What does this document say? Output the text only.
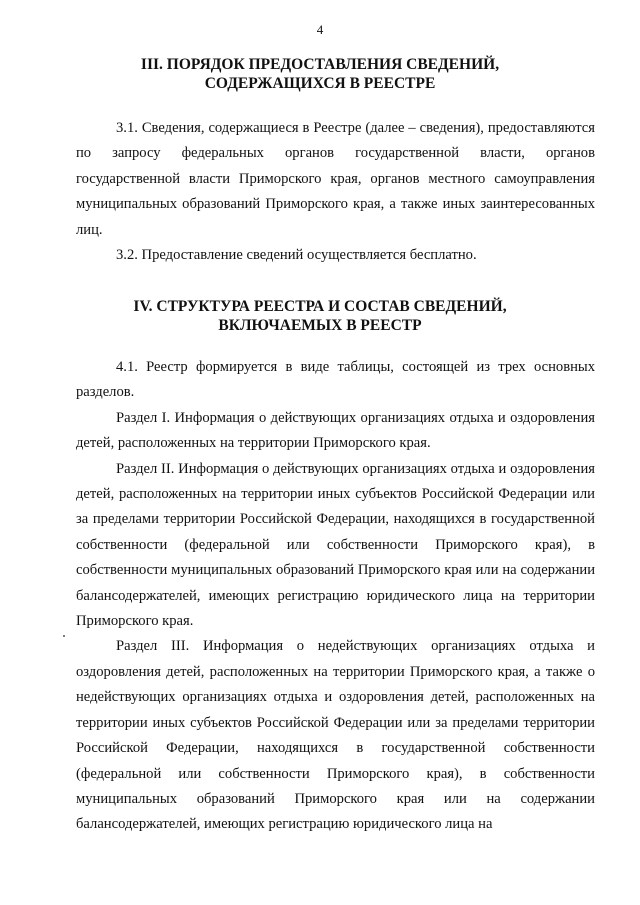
4
III. ПОРЯДОК ПРЕДОСТАВЛЕНИЯ СВЕДЕНИЙ,
СОДЕРЖАЩИХСЯ В РЕЕСТРЕ

3.1. Сведения, содержащиеся в Реестре (далее – сведения), предоставляются по запросу федеральных органов государственной власти, органов государственной власти Приморского края, органов местного самоуправления муниципальных образований Приморского края, а также иных заинтересованных лиц.

3.2. Предоставление сведений осуществляется бесплатно.

IV. СТРУКТУРА РЕЕСТРА И СОСТАВ СВЕДЕНИЙ,
ВКЛЮЧАЕМЫХ В РЕЕСТР

4.1. Реестр формируется в виде таблицы, состоящей из трех основных разделов.

Раздел I. Информация о действующих организациях отдыха и оздоровления детей, расположенных на территории Приморского края.

Раздел II. Информация о действующих организациях отдыха и оздоровления детей, расположенных на территории иных субъектов Российской Федерации или за пределами территории Российской Федерации, находящихся в государственной собственности (федеральной или собственности Приморского края), в собственности муниципальных образований Приморского края или на содержании балансодержателей, имеющих регистрацию юридического лица на территории Приморского края.

Раздел III. Информация о недействующих организациях отдыха и оздоровления детей, расположенных на территории Приморского края, а также о недействующих организациях отдыха и оздоровления детей, расположенных на территории иных субъектов Российской Федерации или за пределами территории Российской Федерации, находящихся в государственной собственности (федеральной или собственности Приморского края), в собственности муниципальных образований Приморского края или на содержании балансодержателей, имеющих регистрацию юридического лица на
